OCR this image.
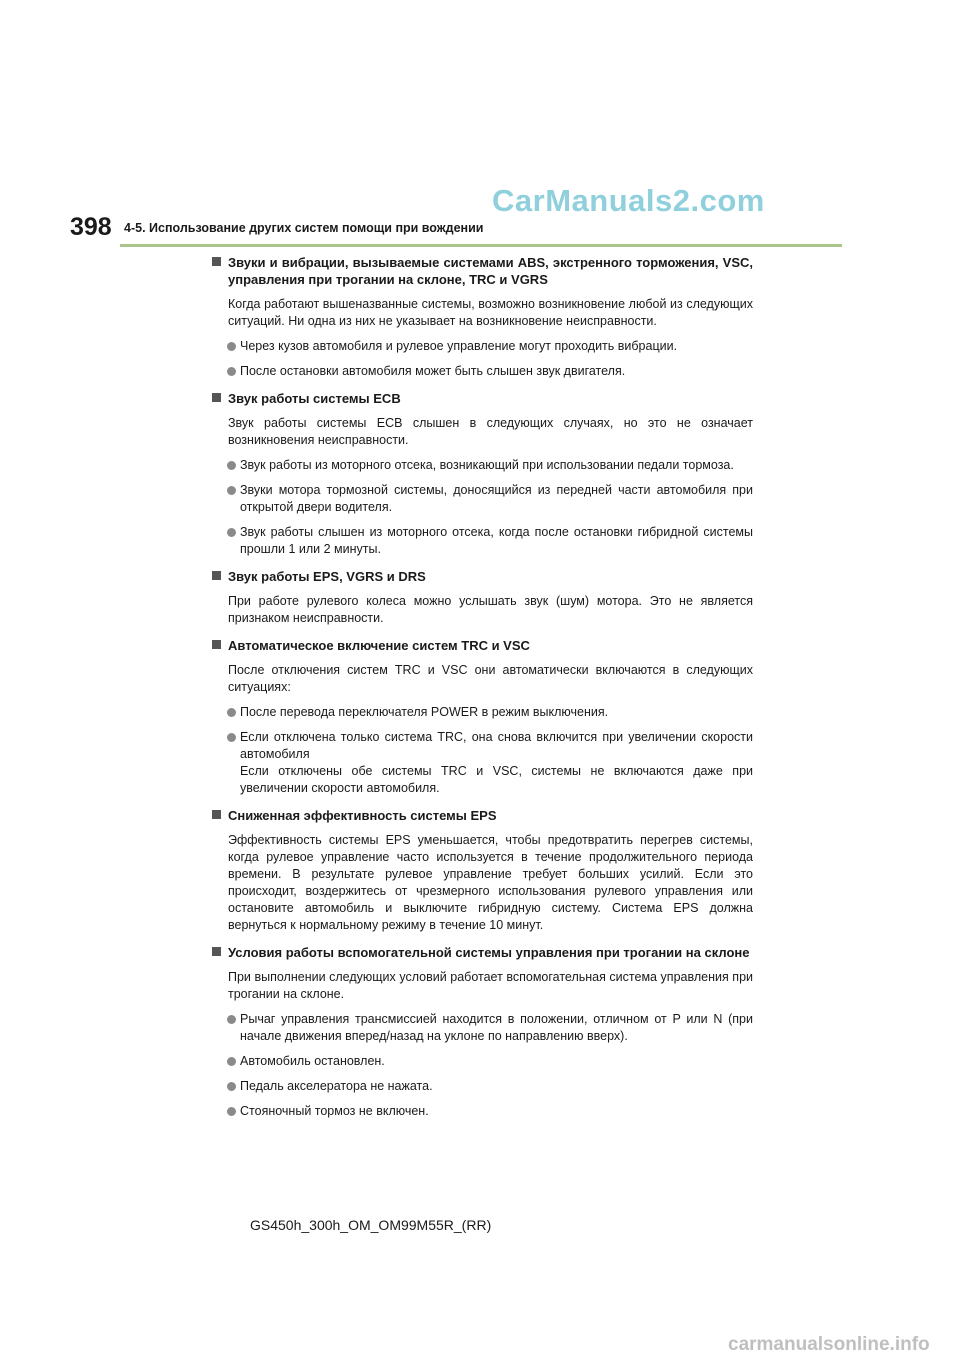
398 4-5. Использование других систем помощи при вождении
CarManuals2.com
Звуки и вибрации, вызываемые системами ABS, экстренного торможения, VSC, управления при трогании на склоне, TRC и VGRS
Когда работают вышеназванные системы, возможно возникновение любой из следующих ситуаций. Ни одна из них не указывает на возникновение неисправности.
Через кузов автомобиля и рулевое управление могут проходить вибрации.
После остановки автомобиля может быть слышен звук двигателя.
Звук работы системы ECB
Звук работы системы ECB слышен в следующих случаях, но это не означает возникновения неисправности.
Звук работы из моторного отсека, возникающий при использовании педали тормоза.
Звуки мотора тормозной системы, доносящийся из передней части автомобиля при открытой двери водителя.
Звук работы слышен из моторного отсека, когда после остановки гибридной системы прошли 1 или 2 минуты.
Звук работы EPS, VGRS и DRS
При работе рулевого колеса можно услышать звук (шум) мотора. Это не является признаком неисправности.
Автоматическое включение систем TRC и VSC
После отключения систем TRC и VSC они автоматически включаются в следующих ситуациях:
После перевода переключателя POWER в режим выключения.
Если отключена только система TRC, она снова включится при увеличении скорости автомобиля
Если отключены обе системы TRC и VSC, системы не включаются даже при увеличении скорости автомобиля.
Сниженная эффективность системы EPS
Эффективность системы EPS уменьшается, чтобы предотвратить перегрев системы, когда рулевое управление часто используется в течение продолжительного периода времени. В результате рулевое управление требует больших усилий. Если это происходит, воздержитесь от чрезмерного использования рулевого управления или остановите автомобиль и выключите гибридную систему. Система EPS должна вернуться к нормальному режиму в течение 10 минут.
Условия работы вспомогательной системы управления при трогании на склоне
При выполнении следующих условий работает вспомогательная система управления при трогании на склоне.
Рычаг управления трансмиссией находится в положении, отличном от P или N (при начале движения вперед/назад на уклоне по направлению вверх).
Автомобиль остановлен.
Педаль акселератора не нажата.
Стояночный тормоз не включен.
GS450h_300h_OM_OM99M55R_(RR)
carmanualsonline.info
